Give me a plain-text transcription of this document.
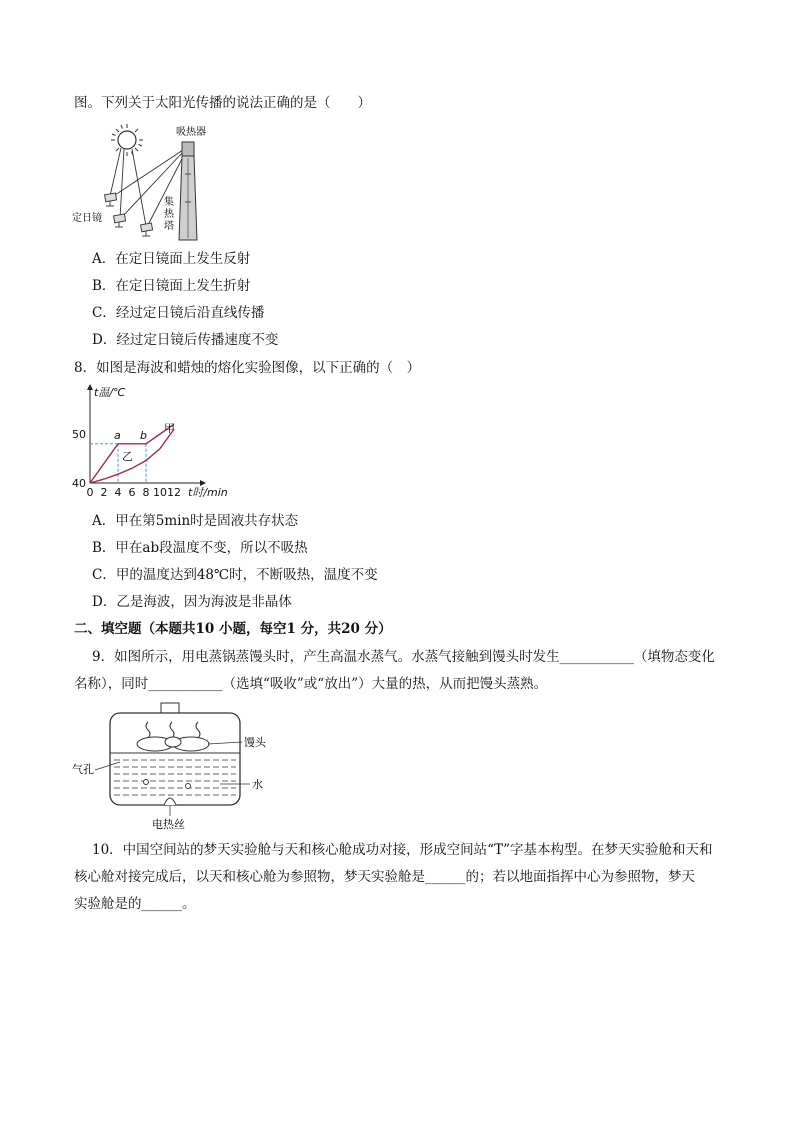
图。下列关于太阳光传播的说法正确的是（　　）
吸热器
定日镜
集
热
塔
A．在定日镜面上发生反射
B．在定日镜面上发生折射
C．经过定日镜后沿直线传播
D．经过定日镜后传播速度不变
8．如图是海波和蜡烛的熔化实验图像，以下正确的（　）
0 2 4 6 8 10 12
40
50
t温/℃
t时/min
甲
乙
a b
A．甲在第5min时是固液共存状态
B．甲在ab段温度不变，所以不吸热
C．甲的温度达到48℃时，不断吸热，温度不变
D．乙是海波，因为海波是非晶体
二、填空题（本题共10 小题，每空1 分，共20 分）
9．如图所示，用电蒸锅蒸馒头时，产生高温水蒸气。水蒸气接触到馒头时发生___________（填物态变化
名称），同时___________（选填“吸收”或“放出”）大量的热，从而把馒头蒸熟。
馒头
气孔
水
电热丝
10．中国空间站的梦天实验舱与天和核心舱成功对接，形成空间站“T”字基本构型。在梦天实验舱和天和
核心舱对接完成后，以天和核心舱为参照物，梦天实验舱是______的；若以地面指挥中心为参照物，梦天
实验舱是的______。
